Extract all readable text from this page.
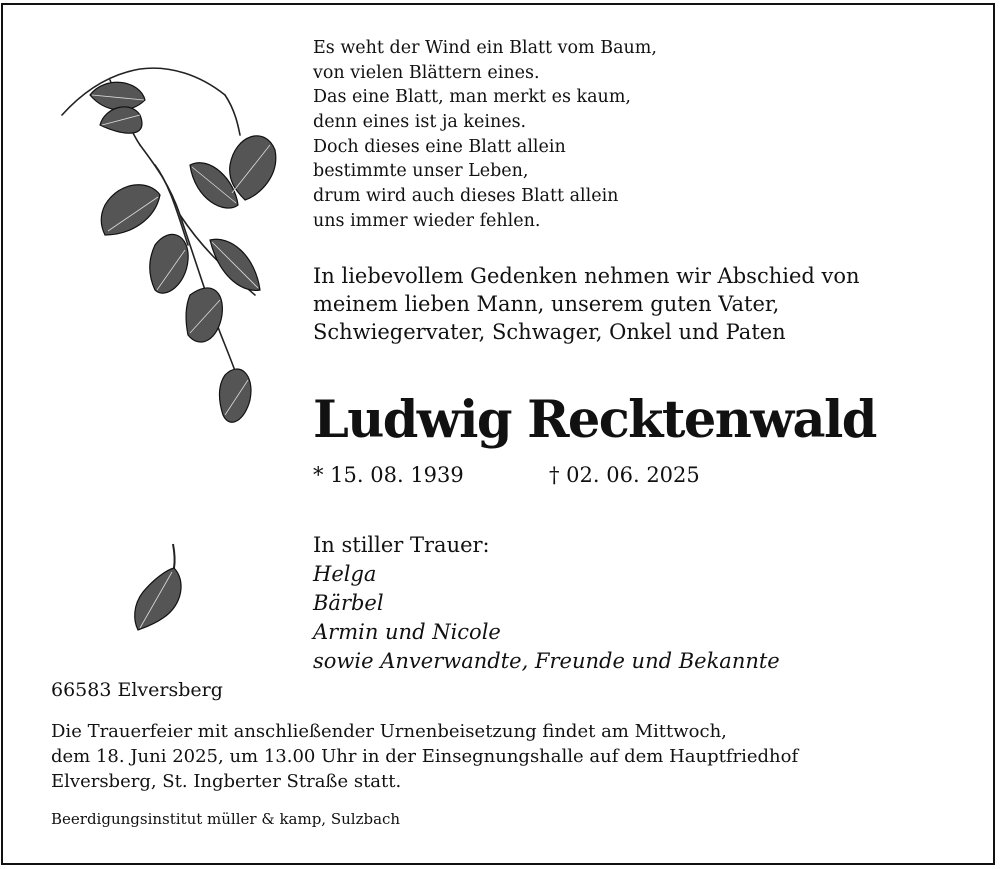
Es weht der Wind ein Blatt vom Baum,
von vielen Blättern eines.
Das eine Blatt, man merkt es kaum,
denn eines ist ja keines.
Doch dieses eine Blatt allein
bestimmte unser Leben,
drum wird auch dieses Blatt allein
uns immer wieder fehlen.
In liebevollem Gedenken nehmen wir Abschied von
meinem lieben Mann, unserem guten Vater,
Schwiegervater, Schwager, Onkel und Paten
Ludwig Recktenwald
* 15. 08. 1939	† 02. 06. 2025
In stiller Trauer:
Helga
Bärbel
Armin und Nicole
sowie Anverwandte, Freunde und Bekannte
66583 Elversberg
Die Trauerfeier mit anschließender Urnenbeisetzung findet am Mittwoch,
dem 18. Juni 2025, um 13.00 Uhr in der Einsegnungshalle auf dem Hauptfriedhof
Elversberg, St. Ingberter Straße statt.
Beerdigungsinstitut müller & kamp, Sulzbach
